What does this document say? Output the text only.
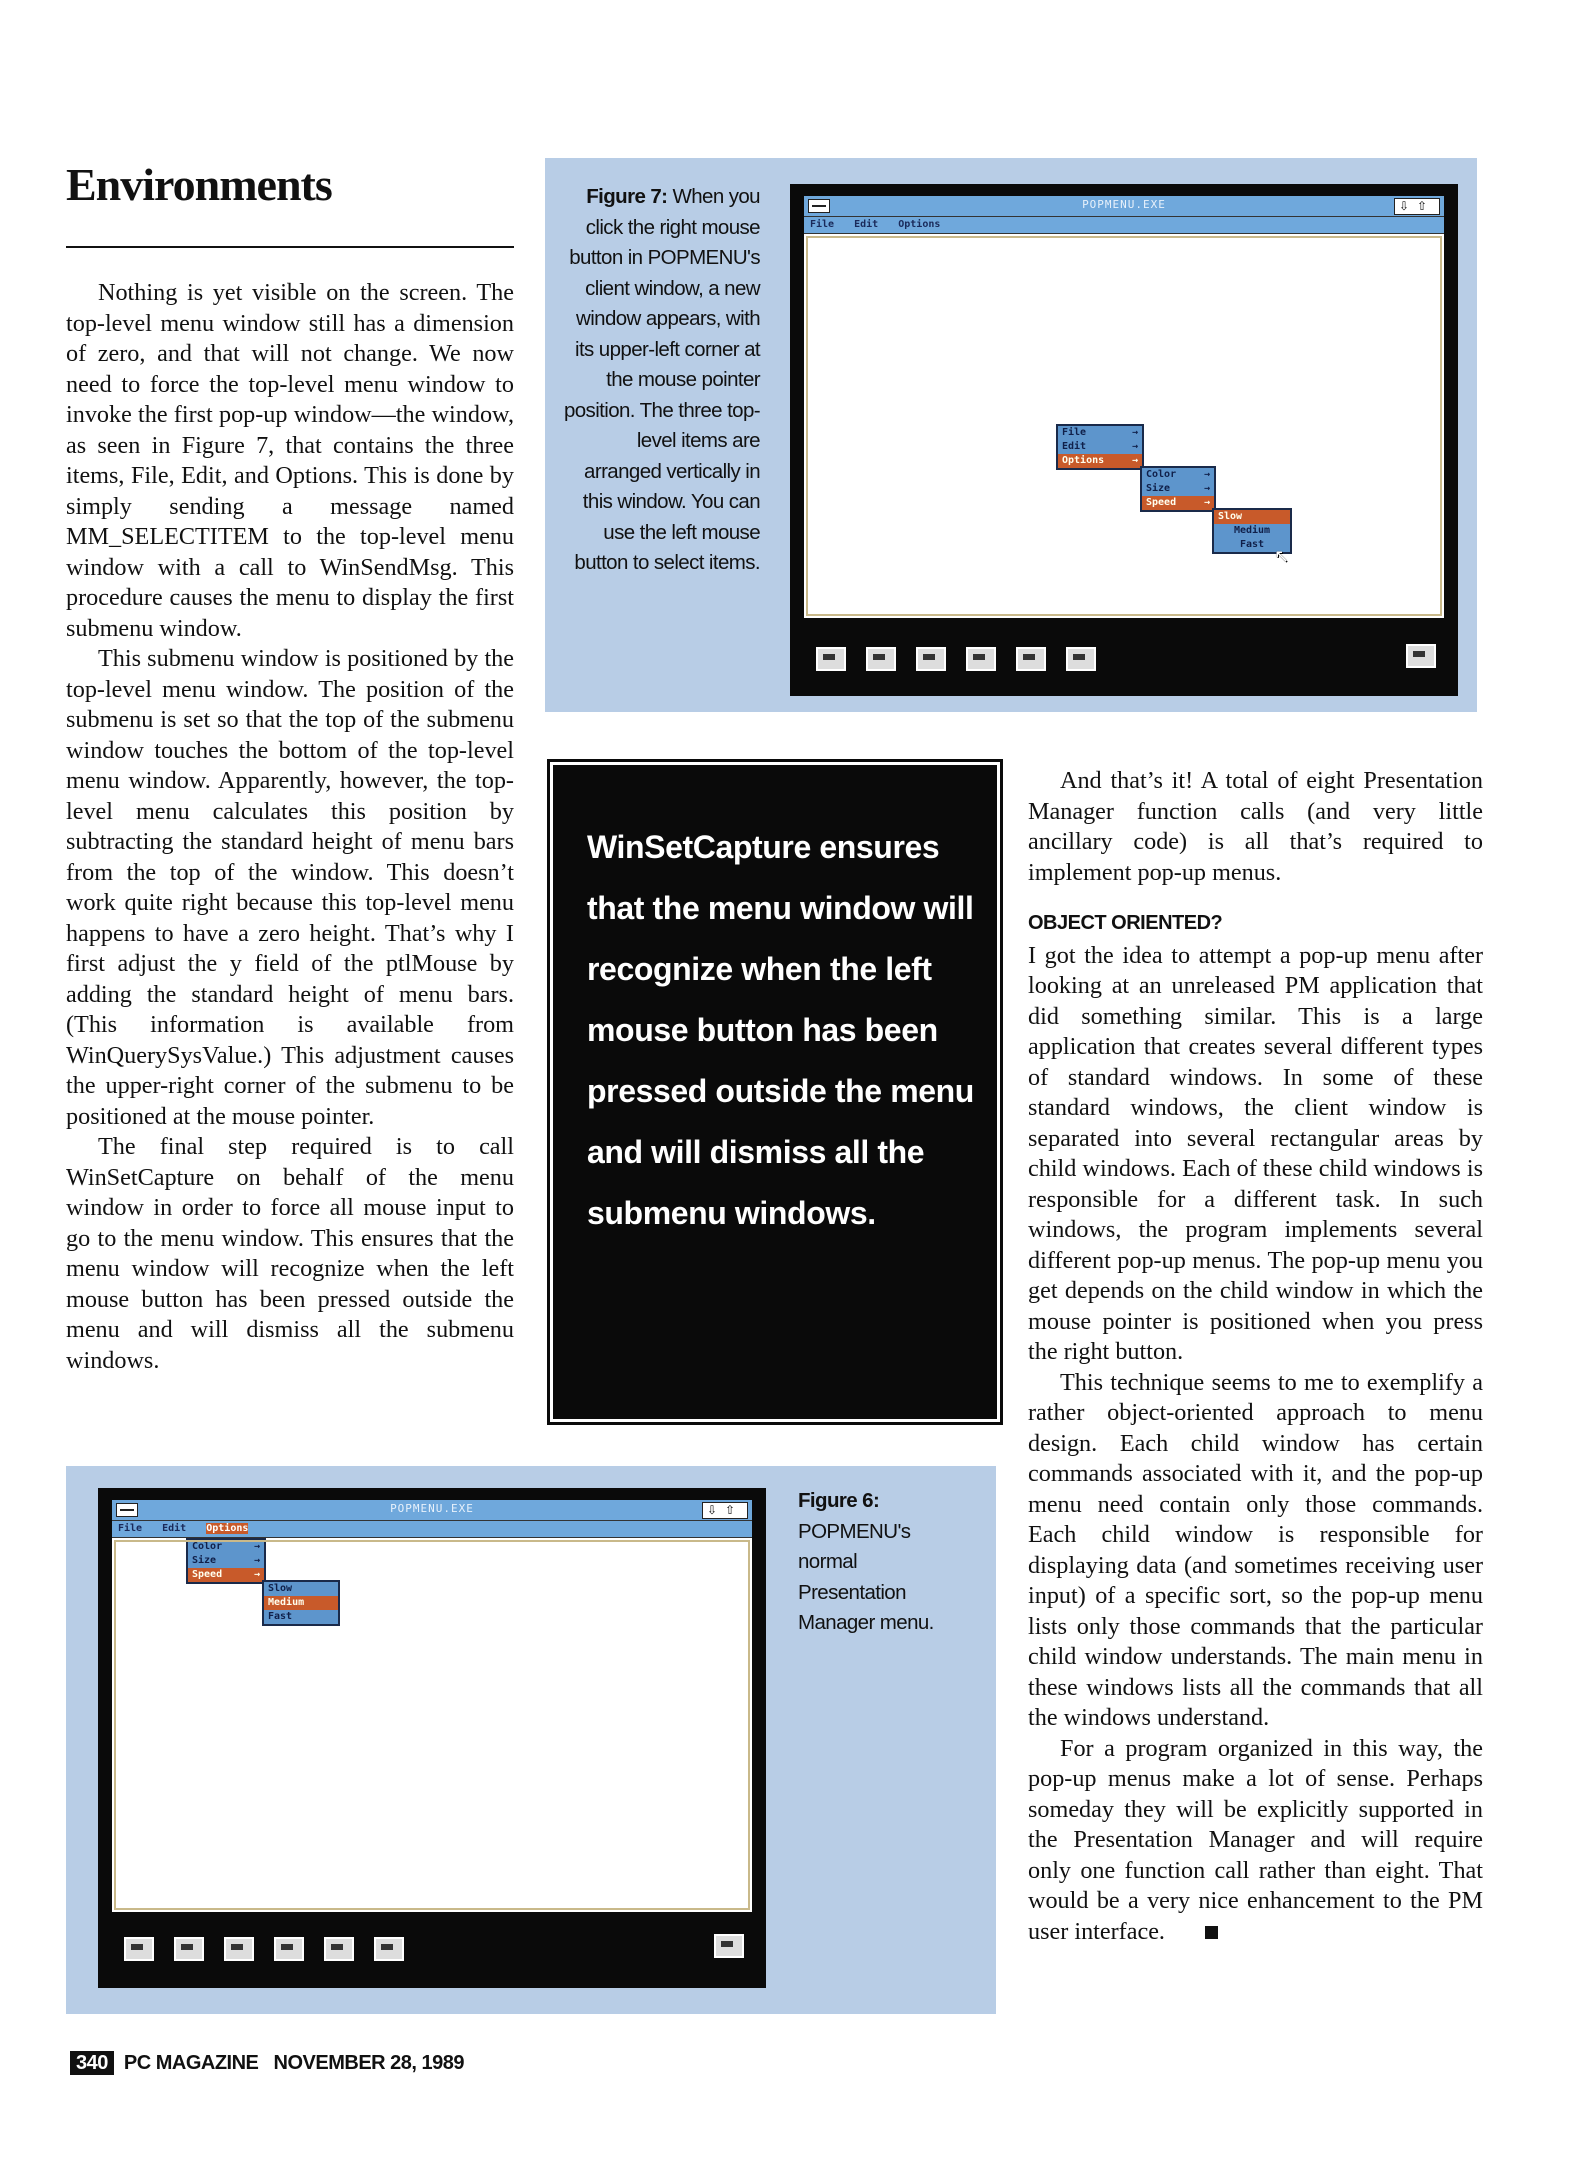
Environments

Nothing is yet visible on the screen. The top-level menu window still has a dimension of zero, and that will not change. We now need to force the top-level menu window to invoke the first pop-up window—the window, as seen in Figure 7, that contains the three items, File, Edit, and Options. This is done by simply sending a message named MM_SELECTITEM to the top-level menu window with a call to WinSendMsg. This procedure causes the menu to display the first submenu window.

This submenu window is positioned by the top-level menu window. The position of the submenu is set so that the top of the submenu window touches the bottom of the top-level menu window. Apparently, however, the top-level menu calculates this position by subtracting the standard height of menu bars from the top of the window. This doesn’t work quite right because this top-level menu happens to have a zero height. That’s why I first adjust the y field of the ptlMouse by adding the standard height of menu bars. (This information is available from WinQuerySysValue.) This adjustment causes the upper-right corner of the submenu to be positioned at the mouse pointer.

The final step required is to call WinSetCapture on behalf of the menu window in order to force all mouse input to go to the menu window. This ensures that the menu window will recognize when the left mouse button has been pressed outside the menu and will dismiss all the submenu windows.

POPMENU.EXE	⇩⇧
File Edit Options
File	→
Edit	→
Options	→
Color	→
Size	→
Speed	→
Slow
Medium
Fast
↖
Figure 7: When you click the right mouse button in POPMENU's client window, a new window appears, with its upper-left corner at the mouse pointer position. The three top-level items are arranged vertically in this window. You can use the left mouse button to select items.
WinSetCapture ensures that the menu window will recognize when the left mouse button has been pressed outside the menu and will dismiss all the submenu windows.

And that’s it! A total of eight Presentation Manager function calls (and very little ancillary code) is all that’s required to implement pop-up menus.

OBJECT ORIENTED?

I got the idea to attempt a pop-up menu after looking at an unreleased PM application that did something similar. This is a large application that creates several different types of standard windows. In some of these standard windows, the client window is separated into several rectangular areas by child windows. Each of these child windows is responsible for a different task. In such windows, the program implements several different pop-up menus. The pop-up menu you get depends on the child window in which the mouse pointer is positioned when you press the right button.

This technique seems to me to exemplify a rather object-oriented approach to menu design. Each child window has certain commands associated with it, and the pop-up menu need contain only those commands. Each child window is responsible for displaying data (and sometimes receiving user input) of a specific sort, so the pop-up menu lists only those commands that the particular child window understands. The main menu in these windows lists all the commands that all the windows understand.

For a program organized in this way, the pop-up menus make a lot of sense. Perhaps someday they will be explicitly supported in the Presentation Manager and will require only one function call rather than eight. That would be a very nice enhancement to the PM user interface.

POPMENU.EXE	⇩⇧
File Edit Options
Color	→
Size	→
Speed	→
Slow
Medium
Fast
Figure 6:
POPMENU's normal Presentation Manager menu.
340 PC MAGAZINE NOVEMBER 28, 1989
